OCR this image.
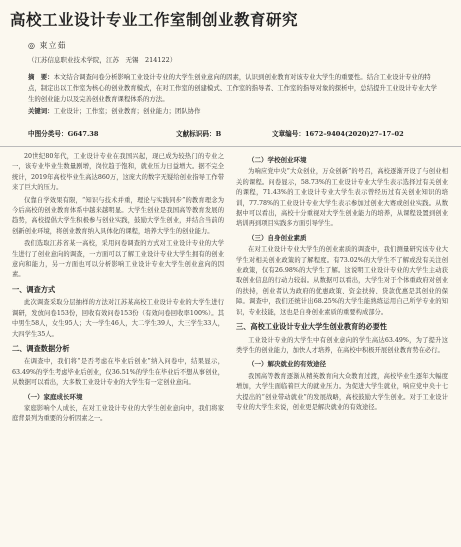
高校工业设计专业工作室制创业教育研究
◎ 束立茹
（江苏信息职业技术学院，江苏　无锡　214122）
摘　要：本文结合调查问卷分析影响工业设计专业的大学生创业意向的因素，认识到创业教育对该专业大学生的重要性。结合工业设计专业的特点，制定出以工作室为核心的创业教育模式，在对工作室的创建模式、工作室的指导者、工作室的指导对象的探析中，总结提升工业设计专业大学生的创业能力以及完善创业教育课程体系的方法。
关键词：工业设计；工作室；创业教育；创业能力；团队协作
中图分类号：G647.38	文献标识码：B	文章编号：1672–9404(2020)27–17–02
20世纪80年代，工业设计专业在我国兴起，现已成为较热门的专业之一，该专业毕业生数量剧增，岗位趋于饱和，就业压力日益增大。据不完全统计，2019年高校毕业生高达860万，这庞大的数字无疑给创业指导工作带来了巨大的压力。
仅靠自学效果有限，“知识与技术并重，理论与实践同步”的教育理念为今后高校的创业教育体系中越来越明显。大学生创业是我国高等教育发展的趋势，高校提倡大学生积极参与创业实践，鼓励大学生创业，并结合当前的创新创业环境，将创业教育纳入具体化的课程，培养大学生的创业能力。
我们选取江苏省某一高校，采用问卷调查的方式对工业设计专业的大学生进行了创业意向的调查，一方面可以了解工业设计专业大学生拥有的创业意向和能力，另一方面也可以分析影响工业设计专业大学生创业意向的因素。
一、调查方式
此次调查采取分层抽样的方法对江苏某高校工业设计专业的大学生进行调研，发放问卷153份，回收有效问卷153份（有效问卷回收率100%）。其中男生58人，女生95人；大一学生46人，大二学生39人，大三学生33人，大四学生35人。
二、调查数据分析
在调查中，我们将“是否考虑在毕业后创业”纳入问卷中，结果显示，63.49%的学生考虑毕业后创业，仅36.51%的学生在毕业后不想从事创业，从数据可以看出，大多数工业设计专业的大学生有一定创业意向。
（一）家庭成长环境
家庭影响个人成长，在对工业设计专业的大学生创业意向中，我们将家庭背景列为重要的分析因素之一。
（二）学校创业环境
为响应党中央“大众创业，万众创新”的号召，高校逐渐开设了与创业相关的课程。问卷显示，58.73%的工业设计专业大学生表示选择过有关创业的课程，71.43%的工业设计专业大学生表示曾经历过有关创业知识的培训，77.78%的工业设计专业大学生表示参加过创业大赛或创业实践。从数据中可以看出，高校十分重视对大学生创业能力的培养，从课程设置到创业培训再到项目实践多方面引导学生。
（三）自身创业素质
在对工业设计专业大学生的创业素质的调查中，我们测量研究该专业大学生对相关创业政策的了解程度。有73.02%的大学生不了解或没有关注创业政策，仅有26.98%的大学生了解。这说明工业设计专业的大学生主动获取创业信息的行动力较弱。从数据可以看出，大学生对于个体重政府对创业的扶持，创业者认为政府的优惠政策、资金扶持、贷款优惠是其创业的保障。调查中，我们还统计出68.25%的大学生能熟练运用自己所学专业的知识，专业技能，这也是自身创业素质的重要构成部分。
三、高校工业设计专业大学生创业教育的必要性
工业设计专业的大学生中有创业意向的学生高达63.49%，为了提升这类学生的创业能力，加快人才培养，在高校中积极开展创业教育势在必行。
（一）解决就业的有效途径
我国高等教育逐渐从精英教育向大众教育过渡，高校毕业生逐年大幅度增加，大学生面临着巨大的就业压力。为促进大学生就业，响应党中央十七大提出的“创业带动就业”的发展战略，高校鼓励大学生创业。对于工业设计专业的大学生来说，创业更是解决就业的有效途径。
